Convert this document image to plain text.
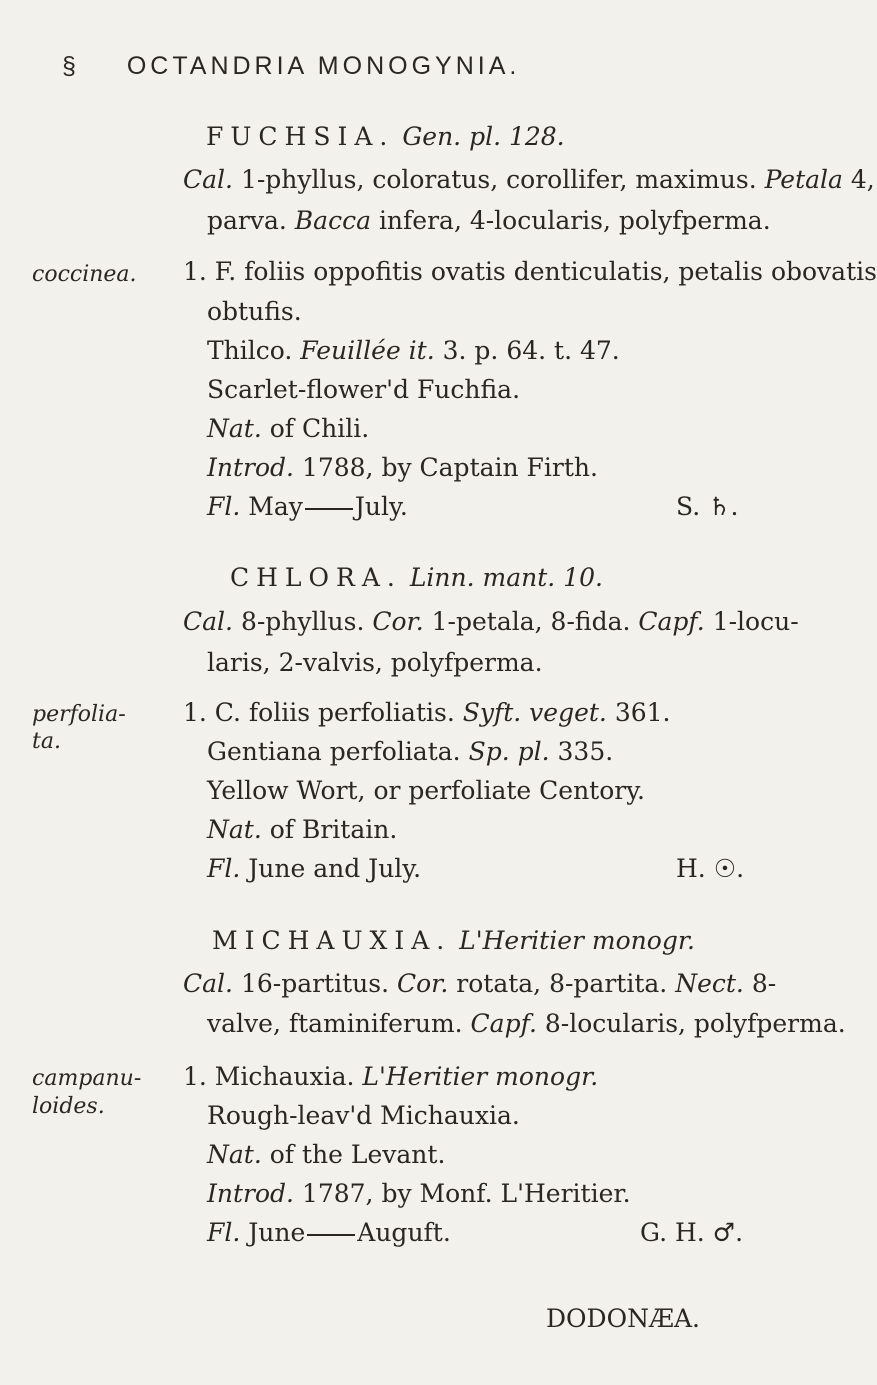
§ OCTANDRIA MONOGYNIA.
FUCHSIA. Gen. pl. 128.
Cal. 1-phyllus, coloratus, corollifer, maximus. Petala 4,
parva. Bacca infera, 4-locularis, polyfperma.
coccinea. 1. F. foliis oppofitis ovatis denticulatis, petalis obovatis
obtufis.
Thilco. Feuillée it. 3. p. 64. t. 47.
Scarlet-flower'd Fuchfia.
Nat. of Chili.
Introd. 1788, by Captain Firth.
Fl. May July.	S. ♄.
CHLORA. Linn. mant. 10.
Cal. 8-phyllus. Cor. 1-petala, 8-fida. Capf. 1-locu-
laris, 2-valvis, polyfperma.
perfolia-
ta.
1. C. foliis perfoliatis. Syft. veget. 361.
Gentiana perfoliata. Sp. pl. 335.
Yellow Wort, or perfoliate Centory.
Nat. of Britain.
Fl. June and July.	H. ☉.
MICHAUXIA. L'Heritier monogr.
Cal. 16-partitus. Cor. rotata, 8-partita. Nect. 8-
valve, ftaminiferum. Capf. 8-locularis, polyfperma.
campanu-
loides.
1. Michauxia. L'Heritier monogr.
Rough-leav'd Michauxia.
Nat. of the Levant.
Introd. 1787, by Monf. L'Heritier.
Fl. June Auguft.	G. H. ♂.
DODONÆA.
